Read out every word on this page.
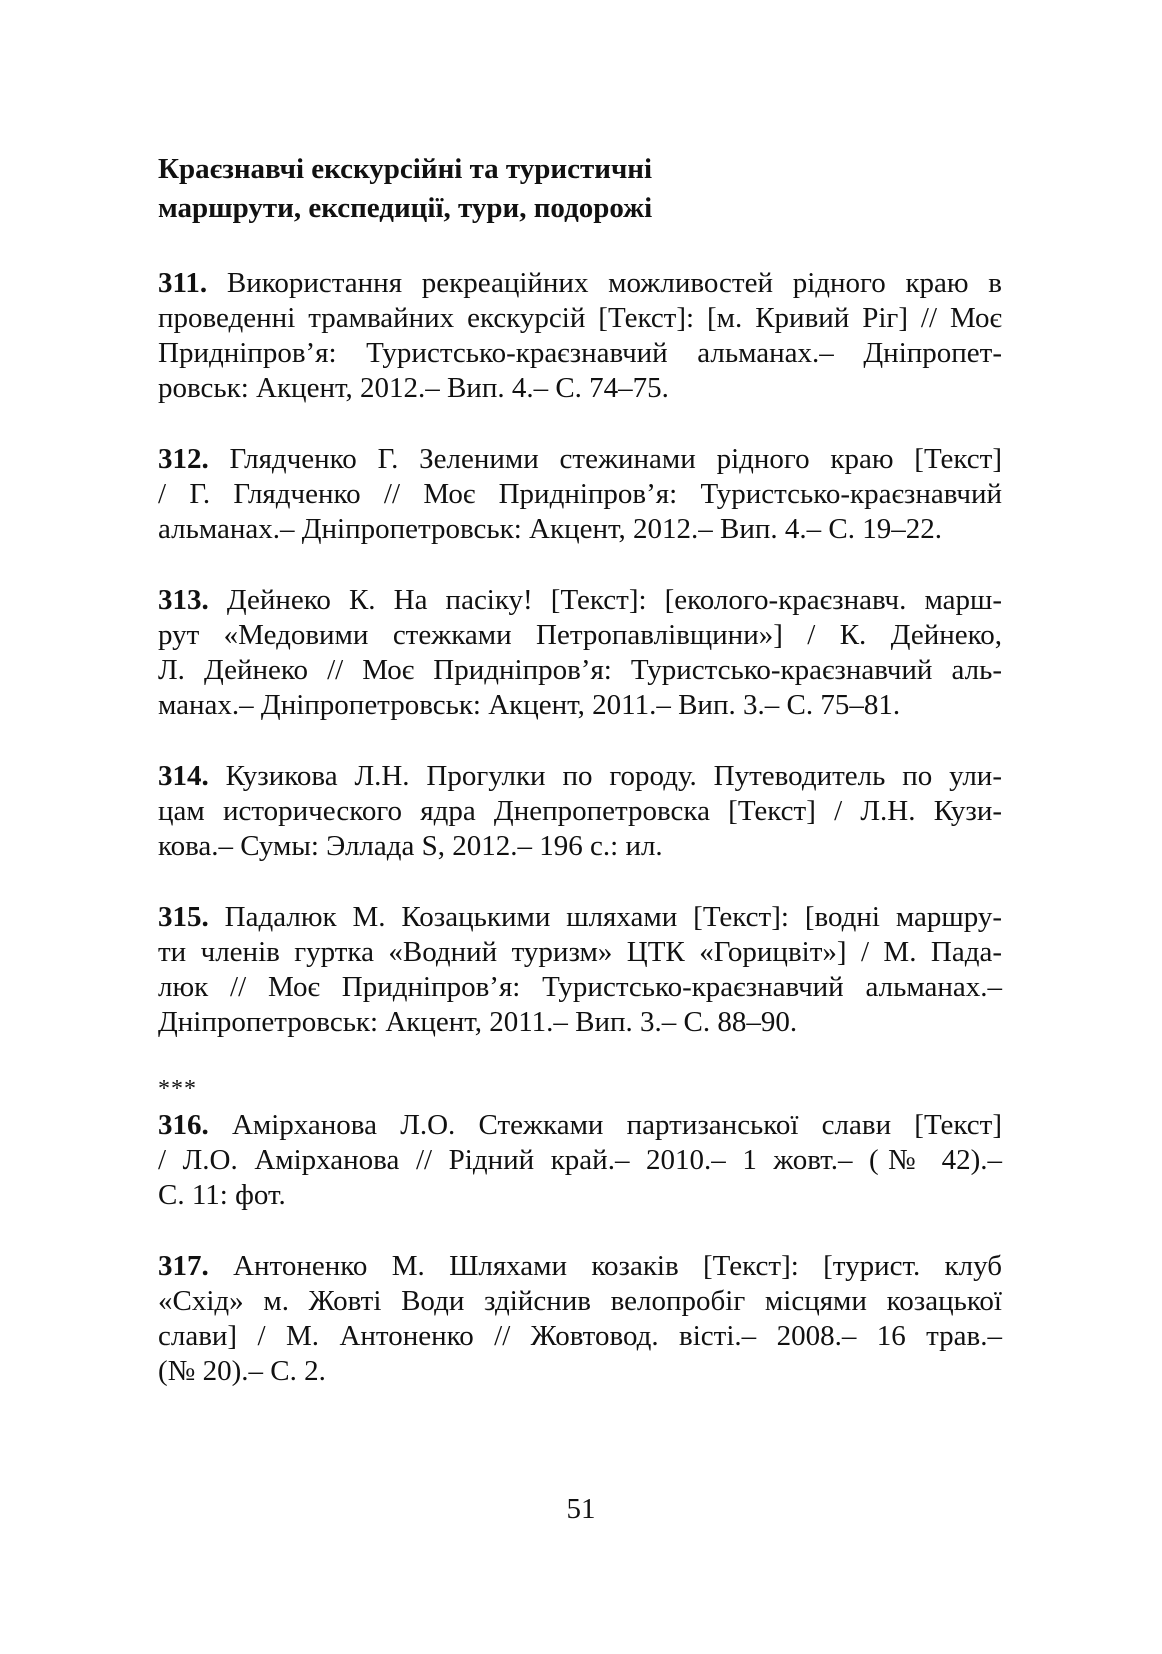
Краєзнавчі екскурсійні та туристичні
маршрути, експедиції, тури, подорожі
311. Використання рекреаційних можливостей рідного краю в
проведенні трамвайних екскурсій [Текст]: [м. Кривий Ріг] // Моє
Придніпров’я: Туристсько-краєзнавчий альманах.– Дніпропет-
ровськ: Акцент, 2012.– Вип. 4.– С. 74–75.
312. Глядченко Г. Зеленими стежинами рідного краю [Текст]
/ Г. Глядченко // Моє Придніпров’я: Туристсько-краєзнавчий
альманах.– Дніпропетровськ: Акцент, 2012.– Вип. 4.– С. 19–22.
313. Дейнеко К. На пасіку! [Текст]: [еколого-краєзнавч. марш-
рут «Медовими стежками Петропавлівщини»] / К. Дейнеко,
Л. Дейнеко // Моє Придніпров’я: Туристсько-краєзнавчий аль-
манах.– Дніпропетровськ: Акцент, 2011.– Вип. 3.– С. 75–81.
314. Кузикова Л.Н. Прогулки по городу. Путеводитель по ули-
цам исторического ядра Днепропетровска [Текст] / Л.Н. Кузи-
кова.– Сумы: Эллада S, 2012.– 196 с.: ил.
315. Падалюк М. Козацькими шляхами [Текст]: [водні маршру-
ти членів гуртка «Водний туризм» ЦТК «Горицвіт»] / М. Пада-
люк // Моє Придніпров’я: Туристсько-краєзнавчий альманах.–
Дніпропетровськ: Акцент, 2011.– Вип. 3.– С. 88–90.
***
316. Амірханова Л.О. Стежками партизанської слави [Текст]
/ Л.О. Амірханова // Рідний край.– 2010.– 1 жовт.– (№ 42).–
С. 11: фот.
317. Антоненко М. Шляхами козаків [Текст]: [турист. клуб
«Схід» м. Жовті Води здійснив велопробіг місцями козацької
слави] / М. Антоненко // Жовтовод. вісті.– 2008.– 16 трав.–
(№ 20).– С. 2.
51
